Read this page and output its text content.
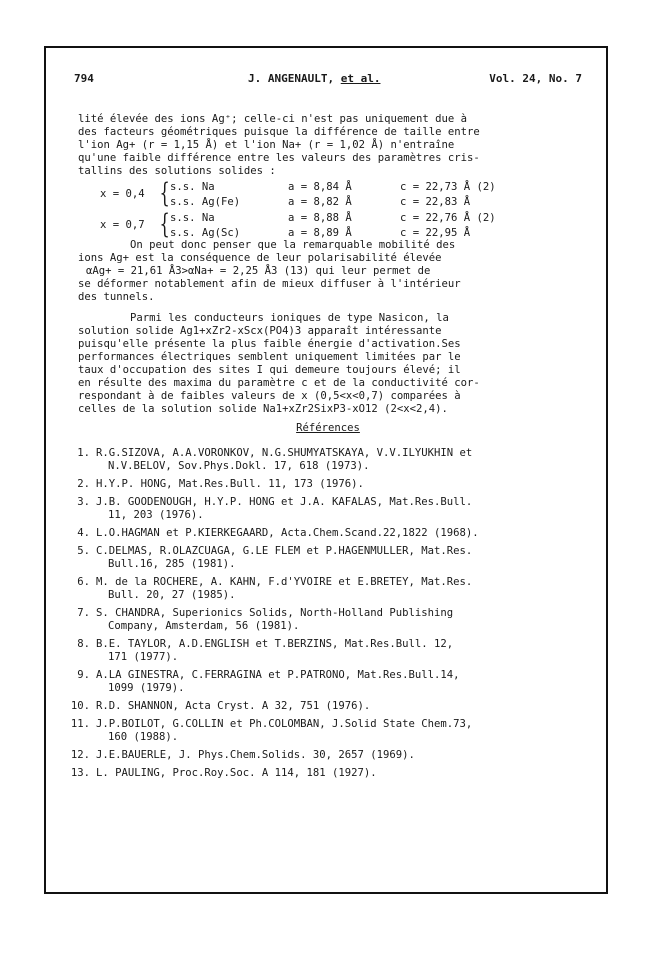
794	J. ANGENAULT, et al.	Vol. 24, No. 7
lité élevée des ions Ag⁺; celle-ci n'est pas uniquement due à
des facteurs géométriques puisque la différence de taille entre
l'ion Ag+ (r = 1,15 Å) et l'ion Na+ (r = 1,02 Å) n'entraîne
qu'une faible différence entre les valeurs des paramètres cris-
tallins des solutions solides :
x = 0,4 { s.s. Na	a = 8,84 Å	c = 22,73 Å (2)
s.s. Ag(Fe)	a = 8,82 Å	c = 22,83 Å
x = 0,7 { s.s. Na	a = 8,88 Å	c = 22,76 Å (2)
s.s. Ag(Sc)	a = 8,89 Å	c = 22,95 Å
On peut donc penser que la remarquable mobilité des
ions Ag+ est la conséquence de leur polarisabilité élevée
αAg+ = 21,61 Å3>αNa+ = 2,25 Å3 (13) qui leur permet de
se déformer notablement afin de mieux diffuser à l'intérieur
des tunnels.
Parmi les conducteurs ioniques de type Nasicon, la
solution solide Ag1+xZr2-xScx(PO4)3 apparaît intéressante
puisqu'elle présente la plus faible énergie d'activation.Ses
performances électriques semblent uniquement limitées par le
taux d'occupation des sites I qui demeure toujours élevé; il
en résulte des maxima du paramètre c et de la conductivité cor-
respondant à de faibles valeurs de x (0,5<x<0,7) comparées à
celles de la solution solide Na1+xZr2SixP3-xO12 (2<x<2,4).
Références
1. R.G.SIZOVA, A.A.VORONKOV, N.G.SHUMYATSKAYA, V.V.ILYUKHIN et
N.V.BELOV, Sov.Phys.Dokl. 17, 618 (1973).
2. H.Y.P. HONG, Mat.Res.Bull. 11, 173 (1976).
3. J.B. GOODENOUGH, H.Y.P. HONG et J.A. KAFALAS, Mat.Res.Bull.
11, 203 (1976).
4. L.O.HAGMAN et P.KIERKEGAARD, Acta.Chem.Scand.22,1822 (1968).
5. C.DELMAS, R.OLAZCUAGA, G.LE FLEM et P.HAGENMULLER, Mat.Res.
Bull.16, 285 (1981).
6. M. de la ROCHERE, A. KAHN, F.d'YVOIRE et E.BRETEY, Mat.Res.
Bull. 20, 27 (1985).
7. S. CHANDRA, Superionics Solids, North-Holland Publishing
Company, Amsterdam, 56 (1981).
8. B.E. TAYLOR, A.D.ENGLISH et T.BERZINS, Mat.Res.Bull. 12,
171 (1977).
9. A.LA GINESTRA, C.FERRAGINA et P.PATRONO, Mat.Res.Bull.14,
1099 (1979).
10. R.D. SHANNON, Acta Cryst. A 32, 751 (1976).
11. J.P.BOILOT, G.COLLIN et Ph.COLOMBAN, J.Solid State Chem.73,
160 (1988).
12. J.E.BAUERLE, J. Phys.Chem.Solids. 30, 2657 (1969).
13. L. PAULING, Proc.Roy.Soc. A 114, 181 (1927).
